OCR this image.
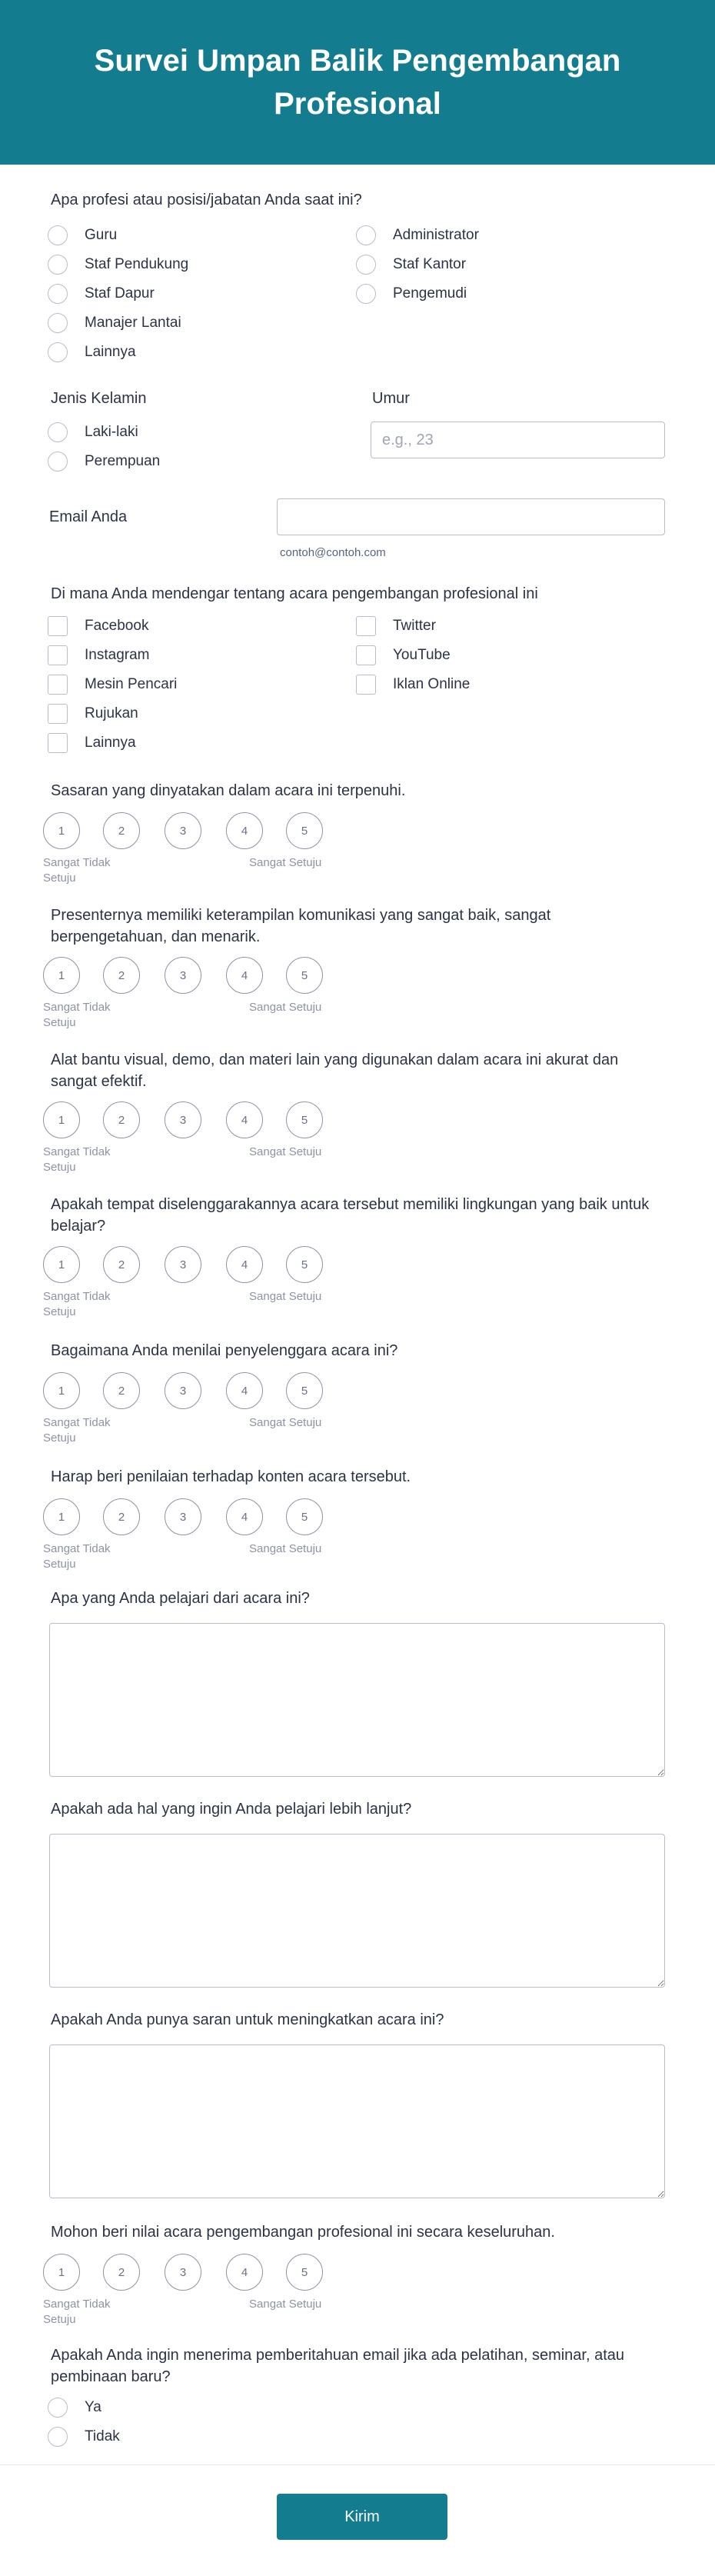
Survei Umpan Balik Pengembangan Profesional
Apa profesi atau posisi/jabatan Anda saat ini?
Guru
Staf Pendukung
Staf Dapur
Manajer Lantai
Lainnya
Administrator
Staf Kantor
Pengemudi
Jenis Kelamin
Laki-laki
Perempuan
Umur
e.g., 23
Email Anda
contoh@contoh.com
Di mana Anda mendengar tentang acara pengembangan profesional ini
Facebook
Instagram
Mesin Pencari
Rujukan
Lainnya
Twitter
YouTube
Iklan Online
Sasaran yang dinyatakan dalam acara ini terpenuhi.
1	2	3	4	5
Sangat Tidak Setuju
Sangat Setuju
Presenternya memiliki keterampilan komunikasi yang sangat baik, sangat berpengetahuan, dan menarik.
1	2	3	4	5
Sangat Tidak Setuju
Sangat Setuju
Alat bantu visual, demo, dan materi lain yang digunakan dalam acara ini akurat dan sangat efektif.
1	2	3	4	5
Sangat Tidak Setuju
Sangat Setuju
Apakah tempat diselenggarakannya acara tersebut memiliki lingkungan yang baik untuk belajar?
1	2	3	4	5
Sangat Tidak Setuju
Sangat Setuju
Bagaimana Anda menilai penyelenggara acara ini?
1	2	3	4	5
Sangat Tidak Setuju
Sangat Setuju
Harap beri penilaian terhadap konten acara tersebut.
1	2	3	4	5
Sangat Tidak Setuju
Sangat Setuju
Apa yang Anda pelajari dari acara ini?
Apakah ada hal yang ingin Anda pelajari lebih lanjut?
Apakah Anda punya saran untuk meningkatkan acara ini?
Mohon beri nilai acara pengembangan profesional ini secara keseluruhan.
1	2	3	4	5
Sangat Tidak Setuju
Sangat Setuju
Apakah Anda ingin menerima pemberitahuan email jika ada pelatihan, seminar, atau pembinaan baru?
Ya
Tidak
Kirim
